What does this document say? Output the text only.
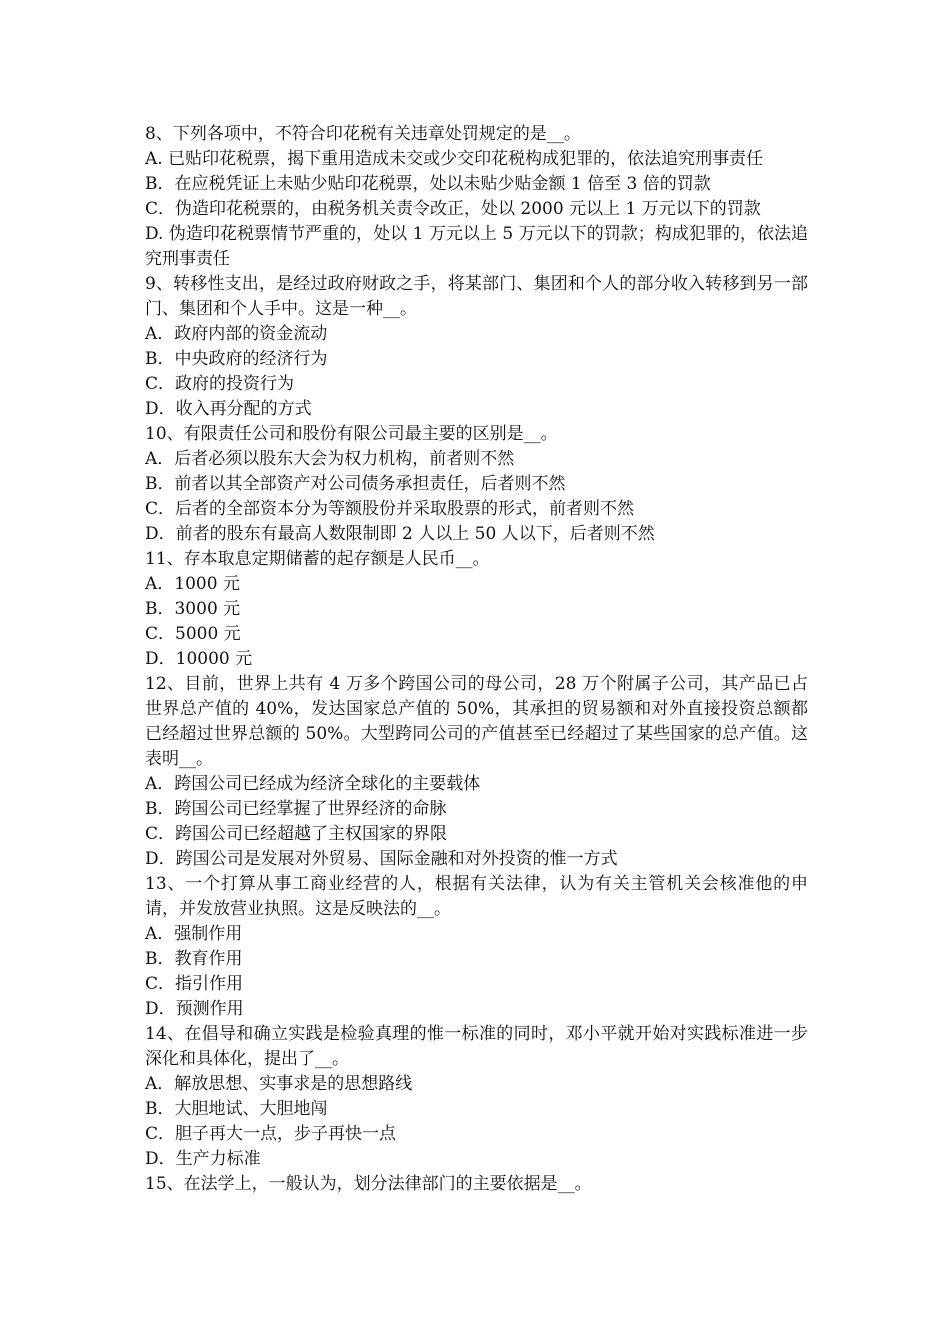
8、下列各项中，不符合印花税有关违章处罚规定的是__。
A. 已贴印花税票，揭下重用造成未交或少交印花税构成犯罪的，依法追究刑事责任
B．在应税凭证上未贴少贴印花税票，处以未贴少贴金额 1 倍至 3 倍的罚款
C．伪造印花税票的，由税务机关责令改正，处以 2000 元以上 1 万元以下的罚款
D. 伪造印花税票情节严重的，处以 1 万元以上 5 万元以下的罚款；构成犯罪的，依法追究刑事责任
9、转移性支出，是经过政府财政之手，将某部门、集团和个人的部分收入转移到另一部门、集团和个人手中。这是一种__。
A．政府内部的资金流动
B．中央政府的经济行为
C．政府的投资行为
D．收入再分配的方式
10、有限责任公司和股份有限公司最主要的区别是__。
A．后者必须以股东大会为权力机构，前者则不然
B．前者以其全部资产对公司债务承担责任，后者则不然
C．后者的全部资本分为等额股份并采取股票的形式，前者则不然
D．前者的股东有最高人数限制即 2 人以上 50 人以下，后者则不然
11、存本取息定期储蓄的起存额是人民币__。
A．1000 元
B．3000 元
C．5000 元
D．10000 元
12、目前，世界上共有 4 万多个跨国公司的母公司，28 万个附属子公司，其产品已占世界总产值的 40%，发达国家总产值的 50%，其承担的贸易额和对外直接投资总额都已经超过世界总额的 50%。大型跨同公司的产值甚至已经超过了某些国家的总产值。这表明__。
A．跨国公司已经成为经济全球化的主要载体
B．跨国公司已经掌握了世界经济的命脉
C．跨国公司已经超越了主权国家的界限
D．跨国公司是发展对外贸易、国际金融和对外投资的惟一方式
13、一个打算从事工商业经营的人，根据有关法律，认为有关主管机关会核准他的申请，并发放营业执照。这是反映法的__。
A．强制作用
B．教育作用
C．指引作用
D．预测作用
14、在倡导和确立实践是检验真理的惟一标准的同时，邓小平就开始对实践标准进一步深化和具体化，提出了__。
A．解放思想、实事求是的思想路线
B．大胆地试、大胆地闯
C．胆子再大一点，步子再快一点
D．生产力标准
15、在法学上，一般认为，划分法律部门的主要依据是__。
